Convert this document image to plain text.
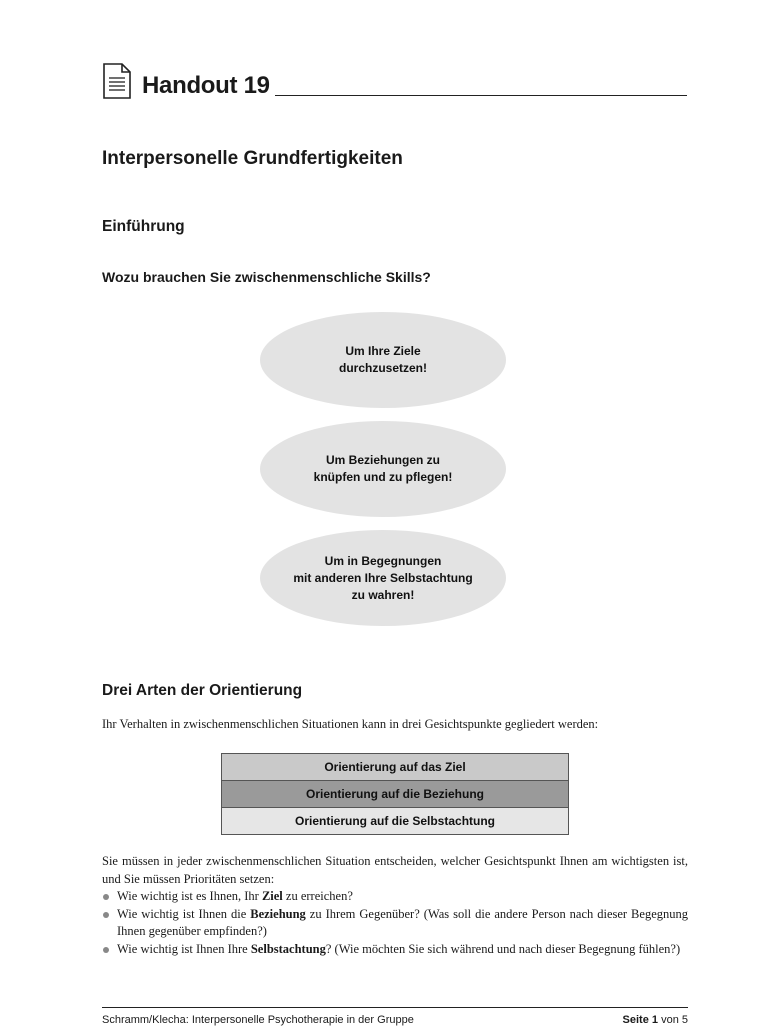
Handout 19
Interpersonelle Grundfertigkeiten
Einführung
Wozu brauchen Sie zwischenmenschliche Skills?
Um Ihre Ziele
durchzusetzen!
Um Beziehungen zu
knüpfen und zu pflegen!
Um in Begegnungen
mit anderen Ihre Selbstachtung
zu wahren!
Drei Arten der Orientierung
Ihr Verhalten in zwischenmenschlichen Situationen kann in drei Gesichtspunkte gegliedert werden:
Orientierung auf das Ziel
Orientierung auf die Beziehung
Orientierung auf die Selbstachtung
Sie müssen in jeder zwischenmenschlichen Situation entscheiden, welcher Gesichtspunkt Ihnen am wichtigsten ist, und Sie müssen Prioritäten setzen:
Wie wichtig ist es Ihnen, Ihr Ziel zu erreichen?
Wie wichtig ist Ihnen die Beziehung zu Ihrem Gegenüber? (Was soll die andere Person nach dieser Begegnung Ihnen gegenüber empfinden?)
Wie wichtig ist Ihnen Ihre Selbstachtung? (Wie möchten Sie sich während und nach dieser Begegnung fühlen?)
Schramm/Klecha: Interpersonelle Psychotherapie in der Gruppe	Seite 1 von 5
